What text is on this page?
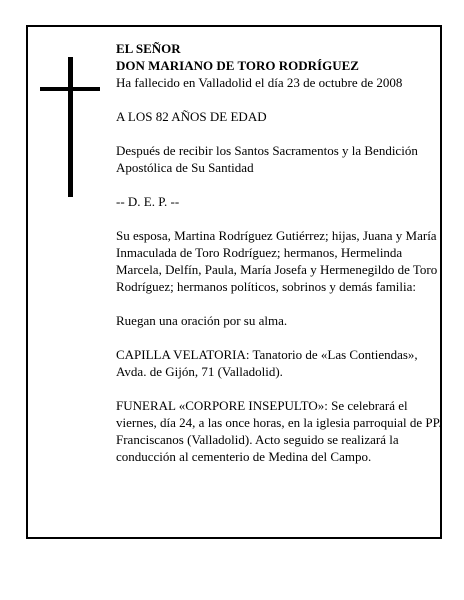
EL SEÑOR
DON MARIANO DE TORO RODRÍGUEZ
Ha fallecido en Valladolid el día 23 de octubre de 2008

A LOS 82 AÑOS DE EDAD

Después de recibir los Santos Sacramentos y la Bendición Apostólica de Su Santidad

-- D. E. P. --

Su esposa, Martina Rodríguez Gutiérrez; hijas, Juana y María Inmaculada de Toro Rodríguez; hermanos, Hermelinda Marcela, Delfín, Paula, María Josefa y Hermenegildo de Toro Rodríguez; hermanos políticos, sobrinos y demás familia:

Ruegan una oración por su alma.

CAPILLA VELATORIA: Tanatorio de «Las Contiendas», Avda. de Gijón, 71 (Valladolid).

FUNERAL «CORPORE INSEPULTO»: Se celebrará el viernes, día 24, a las once horas, en la iglesia parroquial de PP. Franciscanos (Valladolid). Acto seguido se realizará la conducción al cementerio de Medina del Campo.
